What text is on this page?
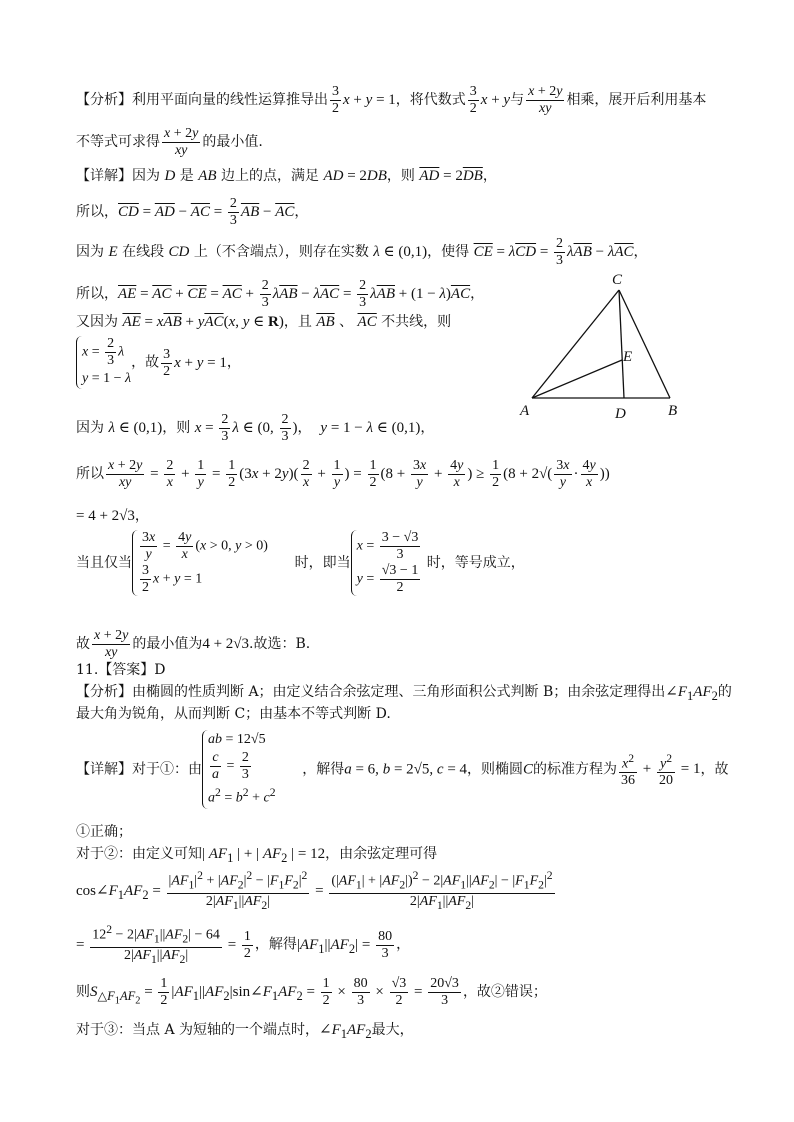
【分析】利用平面向量的线性运算推导出 $\frac{3}{2}$ x + y = 1，将代数式 $\frac{3}{2}$ x + y与 $\frac{x + 2y}{xy}$ 相乘，展开后利用基本
不等式可求得 $\frac{x + 2y}{xy}$ 的最小值.
【详解】因为 D 是 AB 边上的点，满足 AD = 2DB，则 $\overline{AD} = 2\overline{DB}$，
所以，$\overline{CD} = \overline{AD} - \overline{AC} = \frac{2}{3} \overline{AB} - \overline{AC}$，
因为 E 在线段 CD 上（不含端点），则存在实数 λ ∈ (0,1)，使得 $\overline{CE} = \lambda\overline{CD} = \frac{2}{3} \lambda\overline{AB} - \lambda\overline{AC}$，
所以，$\overline{AE} = \overline{AC} + \overline{CE} = \overline{AC} + \frac{2}{3} \lambda\overline{AB} - \lambda\overline{AC} = \frac{2}{3} \lambda\overline{AB} + (1 - \lambda)\overline{AC}$，
又因为 $\overline{AE} = x\overline{AB} + y\overline{AC}(x$, y ∈ R)，且 $\overline{AB}$ 、 $\overline{AC}$ 不共线，则
$x = \frac{2}{3}$ λ
y = 1 − λ
，故 $\frac{3}{2}$ x + y = 1，
因为 λ ∈ (0,1)，则 $x = \frac{2}{3}$ λ ∈ (0, $\frac{2}{3}$ )，  y = 1 − λ ∈ (0,1)，
所以 $\frac{x + 2y}{xy} = \frac{2}{x} + \frac{1}{y} = \frac{1}{2} (3x + 2y)( \frac{2}{x} + \frac{1}{y}$ ) = $\frac{1}{2} (8 + \frac{3x}{y} + \frac{4y}{x}$ ) ≥ $\frac{1}{2} (8 + 2√( \frac{3x}{y} \cdot \frac{4y}{x}$ ))
= 4 + 2√3，
当且仅当 $\frac{3x}{y} = \frac{4y}{x} (x > 0$, y > 0)
$\frac{3}{2}$ x + y = 1
时，即当
$x = \frac{3 - √3}{3}$
$y = \frac{√3 - 1}{2}$ 时，等号成立，
故 $\frac{x + 2y}{xy}$ 的最小值为4 + 2√3.故选：B.
11.【答案】D
【分析】由椭圆的性质判断 A；由定义结合余弦定理、三角形面积公式判断 B；由余弦定理得出$\angle F_1AF_2$的
最大角为锐角，从而判断 C；由基本不等式判断 D.
【详解】对于①：由
ab = 12√5
$\frac{c}{a} = \frac{2}{3}$
$a^2 = b^2 + c^2$
，解得a = 6, b = 2√5, c = 4，则椭圆C的标准方程为 $\frac{x^2}{36} + \frac{y^2}{20} = 1$，故
①正确；
对于②：由定义可知| $AF_1$ | + | $AF_2$ | = 12，由余弦定理可得
$\cos\angle F_1AF_2 = \frac{|AF_1|^2 + |AF_2|^2 - |F_1F_2|^2}{2|AF_1||AF_2|} = \frac{(|AF_1| + |AF_2|)^2 - 2|AF_1||AF_2| - |F_1F_2|^2}{2|AF_1||AF_2|}$
= $\frac{12^2 - 2|AF_1||AF_2| - 64}{2|AF_1||AF_2|} = \frac{1}{2}$ ，解得$|AF_1||AF_2| = \frac{80}{3}$ ，
则$S_{\triangle F_1AF_2} = \frac{1}{2}$ $|AF_1||AF_2|\sin\angle F_1AF_2 = \frac{1}{2} \times \frac{80}{3} \times \frac{√3}{2} = \frac{20√3}{3}$ ，故②错误；
对于③：当点 A 为短轴的一个端点时，$\angle F_1AF_2$最大，
C
E
A	D	B
